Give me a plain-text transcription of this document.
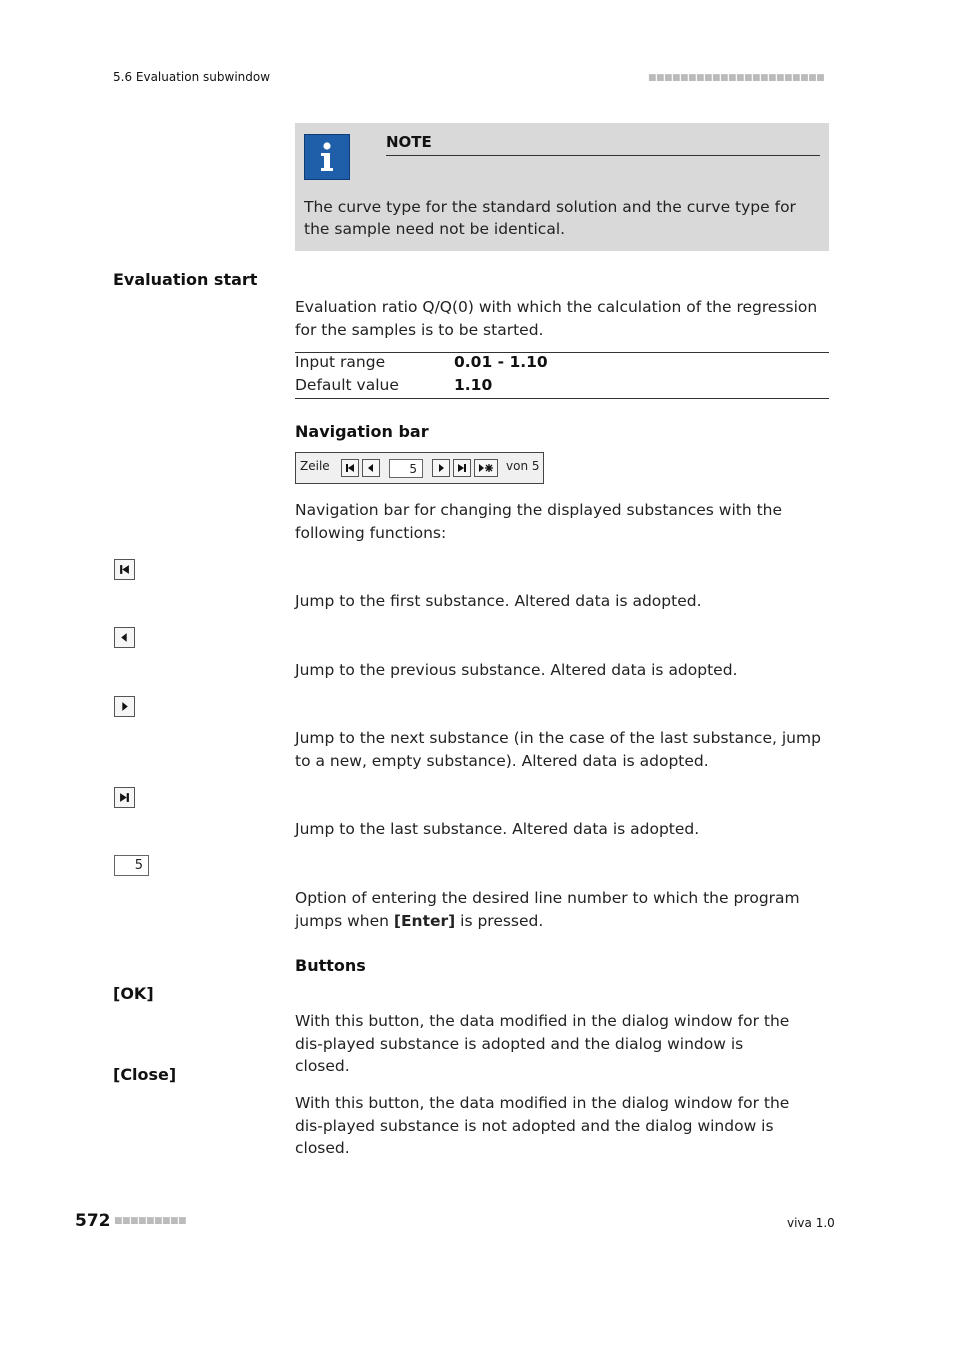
5.6 Evaluation subwindow	■■■■■■■■■■■■■■■■■■■■■■
NOTE
The curve type for the standard solution and the curve type for the sample need not be identical.
Evaluation start
Evaluation ratio Q/Q(0) with which the calculation of the regression for the samples is to be started.
Input range	0.01 - 1.10
Default value	1.10
Navigation bar
Zeile	5	von 5
Navigation bar for changing the displayed substances with the following functions:
Jump to the first substance. Altered data is adopted.
Jump to the previous substance. Altered data is adopted.
Jump to the next substance (in the case of the last substance, jump to a new, empty substance). Altered data is adopted.
Jump to the last substance. Altered data is adopted.
5
Option of entering the desired line number to which the program jumps when [Enter] is pressed.
Buttons
[OK]
With this button, the data modified in the dialog window for the dis-played substance is adopted and the dialog window is closed.
[Close]
With this button, the data modified in the dialog window for the dis-played substance is not adopted and the dialog window is closed.
572 ■■■■■■■■■	viva 1.0
